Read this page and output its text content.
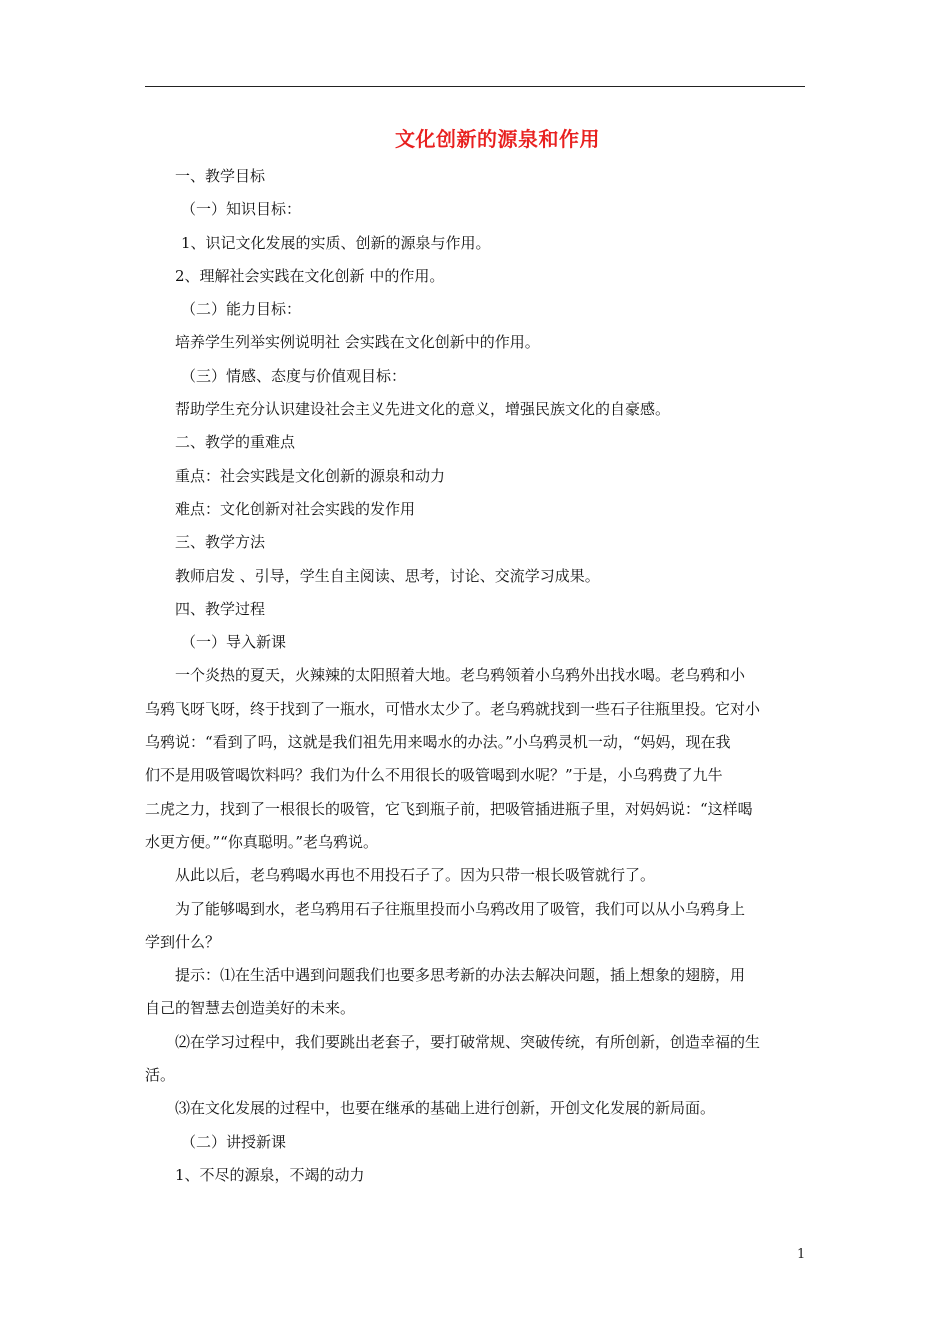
文化创新的源泉和作用
一、教学目标
（一）知识目标：
1、识记文化发展的实质、创新的源泉与作用。
2、理解社会实践在文化创新 中的作用。
（二）能力目标：
培养学生列举实例说明社 会实践在文化创新中的作用。
（三）情感、态度与价值观目标：
帮助学生充分认识建设社会主义先进文化的意义，增强民族文化的自豪感。
二、教学的重难点
重点：社会实践是文化创新的源泉和动力
难点：文化创新对社会实践的发作用
三、教学方法
教师启发 、引导，学生自主阅读、思考，讨论、交流学习成果。
四、教学过程
（一）导入新课
一个炎热的夏天，火辣辣的太阳照着大地。老乌鸦领着小乌鸦外出找水喝。老乌鸦和小
乌鸦飞呀飞呀，终于找到了一瓶水，可惜水太少了。老乌鸦就找到一些石子往瓶里投。它对小
乌鸦说：“看到了吗，这就是我们祖先用来喝水的办法。”小乌鸦灵机一动，“妈妈，现在我
们不是用吸管喝饮料吗？我们为什么不用很长的吸管喝到水呢？”于是，小乌鸦费了九牛
二虎之力，找到了一根很长的吸管，它飞到瓶子前，把吸管插进瓶子里，对妈妈说：“这样喝
水更方便。”“你真聪明。”老乌鸦说。
从此以后，老乌鸦喝水再也不用投石子了。因为只带一根长吸管就行了。
为了能够喝到水，老乌鸦用石子往瓶里投而小乌鸦改用了吸管，我们可以从小乌鸦身上
学到什么？
提示：⑴在生活中遇到问题我们也要多思考新的办法去解决问题，插上想象的翅膀，用
自己的智慧去创造美好的未来。
⑵在学习过程中，我们要跳出老套子，要打破常规、突破传统，有所创新，创造幸福的生
活。
⑶在文化发展的过程中，也要在继承的基础上进行创新，开创文化发展的新局面。
（二）讲授新课
1、不尽的源泉，不竭的动力
1
